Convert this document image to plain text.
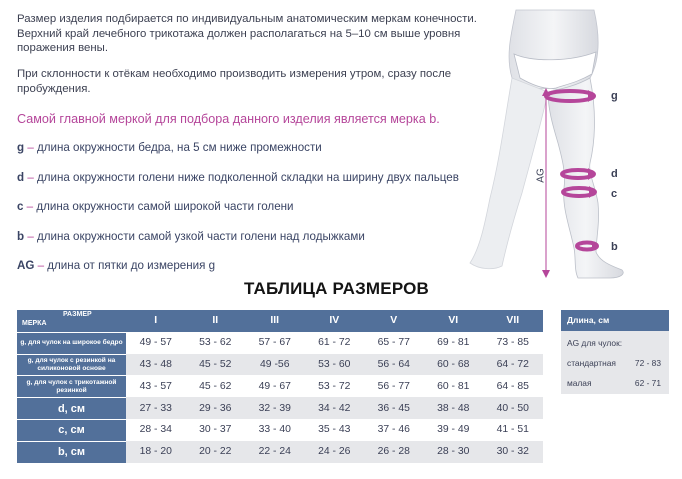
Размер изделия подбирается по индивидуальным анатомическим меркам конечности. Верхний край лечебного трикотажа должен располагаться на 5–10 см выше уровня поражения вены.

При склонности к отёкам необходимо производить измерения утром, сразу после пробуждения.

Самой главной меркой для подбора данного изделия является мерка b.

g – длина окружности бедра, на 5 см ниже промежности
d – длина окружности голени ниже подколенной складки на ширину двух пальцев
c – длина окружности самой широкой части голени
b – длина окружности самой узкой части голени над лодыжками
AG – длина от пятки до измерения g
g
d
c
b
AG
ТАБЛИЦА РАЗМЕРОВ
РАЗМЕР
МЕРКА	I	II	III	IV	V	VI	VII
g, для чулок на широкое бедро	49 - 57	53 - 62	57 - 67	61 - 72	65 - 77	69 - 81	73 - 85
g, для чулок с резинкой на силиконовой основе	43 - 48	45 - 52	49 -56	53 - 60	56 - 64	60 - 68	64 - 72
g, для чулок с трикотажной резинкой	43 - 57	45 - 62	49 - 67	53 - 72	56 - 77	60 - 81	64 - 85
d, см	27 - 33	29 - 36	32 - 39	34 - 42	36 - 45	38 - 48	40 - 50
c, см	28 - 34	30 - 37	33 - 40	35 - 43	37 - 46	39 - 49	41 - 51
b, см	18 - 20	20 - 22	22 - 24	24 - 26	26 - 28	28 - 30	30 - 32
Длина, см
AG для чулок:
стандартная 72 - 83
малая	62 - 71
